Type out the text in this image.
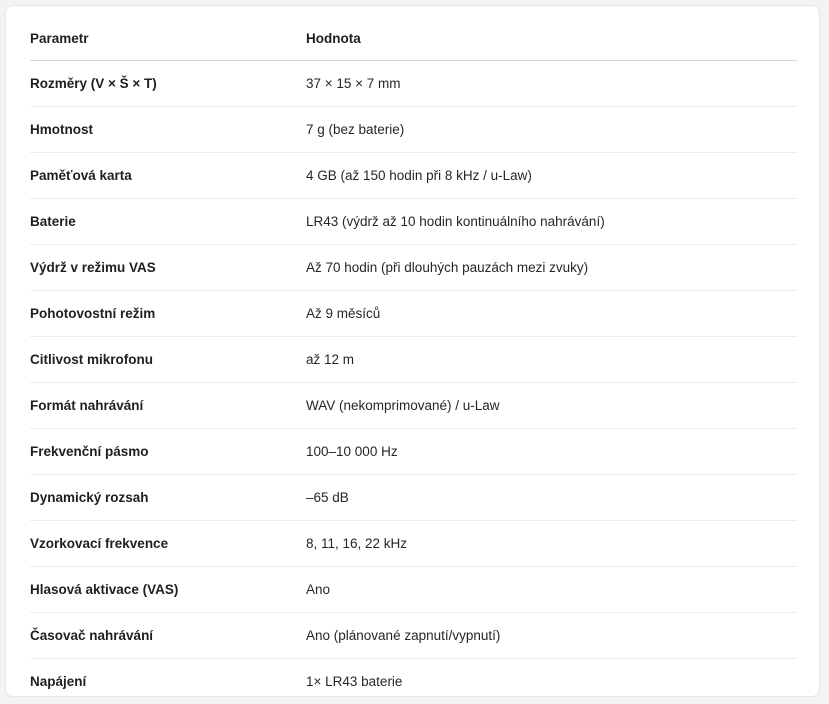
Parametr	Hodnota
Rozměry (V × Š × T)	37 × 15 × 7 mm
Hmotnost	7 g (bez baterie)
Paměťová karta	4 GB (až 150 hodin při 8 kHz / u-Law)
Baterie	LR43 (výdrž až 10 hodin kontinuálního nahrávání)
Výdrž v režimu VAS	Až 70 hodin (při dlouhých pauzách mezi zvuky)
Pohotovostní režim	Až 9 měsíců
Citlivost mikrofonu	až 12 m
Formát nahrávání	WAV (nekomprimované) / u-Law
Frekvenční pásmo	100–10 000 Hz
Dynamický rozsah	–65 dB
Vzorkovací frekvence	8, 11, 16, 22 kHz
Hlasová aktivace (VAS)	Ano
Časovač nahrávání	Ano (plánované zapnutí/vypnutí)
Napájení	1× LR43 baterie
